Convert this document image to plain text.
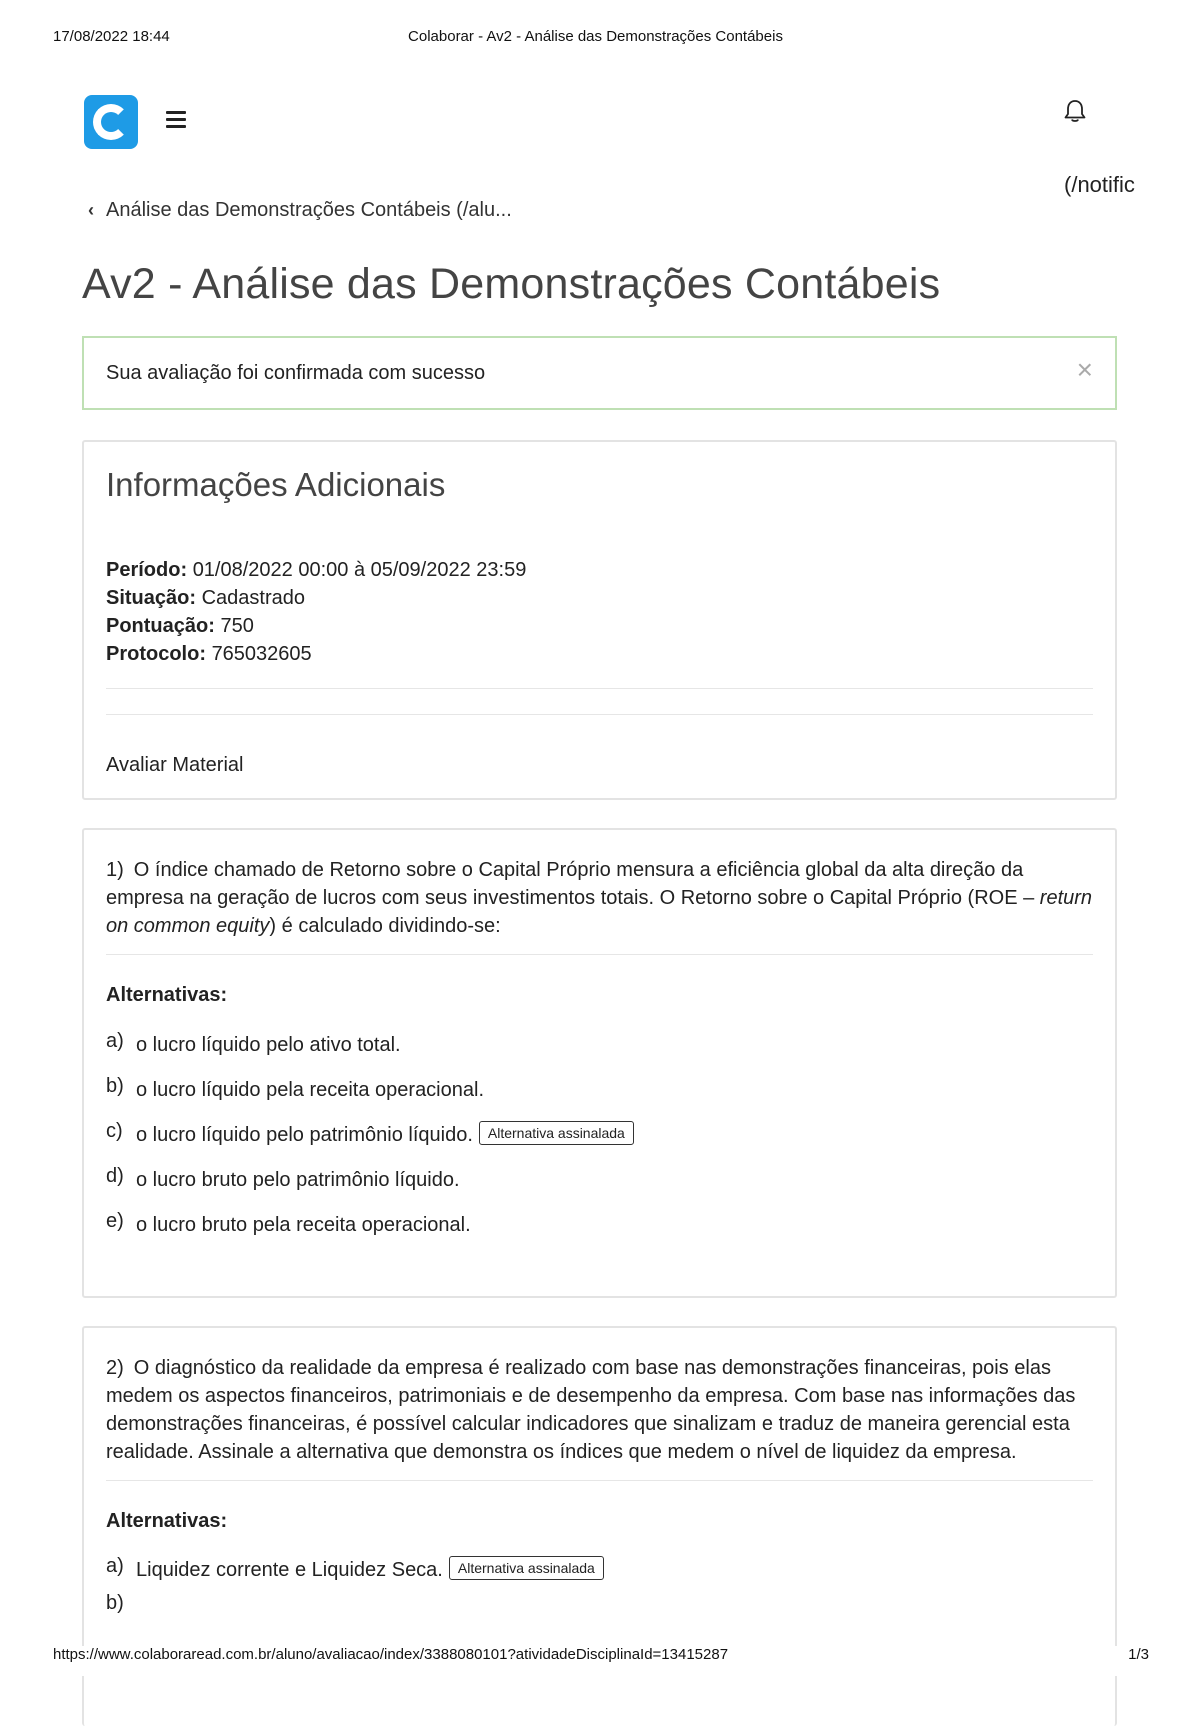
17/08/2022 18:44	Colaborar - Av2 - Análise das Demonstrações Contábeis
(/notific
‹ Análise das Demonstrações Contábeis (/alu...
Av2 - Análise das Demonstrações Contábeis
Sua avaliação foi confirmada com sucesso	×
Informações Adicionais
Período: 01/08/2022 00:00 à 05/09/2022 23:59
Situação: Cadastrado
Pontuação: 750
Protocolo: 765032605
Avaliar Material
1) O índice chamado de Retorno sobre o Capital Próprio mensura a eficiência global da alta direção da empresa na geração de lucros com seus investimentos totais. O Retorno sobre o Capital Próprio (ROE – return on common equity) é calculado dividindo-se:
Alternativas:
a) o lucro líquido pelo ativo total.
b) o lucro líquido pela receita operacional.
c) o lucro líquido pelo patrimônio líquido. Alternativa assinalada
d) o lucro bruto pelo patrimônio líquido.
e) o lucro bruto pela receita operacional.
2) O diagnóstico da realidade da empresa é realizado com base nas demonstrações financeiras, pois elas medem os aspectos financeiros, patrimoniais e de desempenho da empresa. Com base nas informações das demonstrações financeiras, é possível calcular indicadores que sinalizam e traduz de maneira gerencial esta realidade. Assinale a alternativa que demonstra os índices que medem o nível de liquidez da empresa.
Alternativas:
a) Liquidez corrente e Liquidez Seca. Alternativa assinalada
b)
https://www.colaboraread.com.br/aluno/avaliacao/index/3388080101?atividadeDisciplinaId=13415287	1/3
